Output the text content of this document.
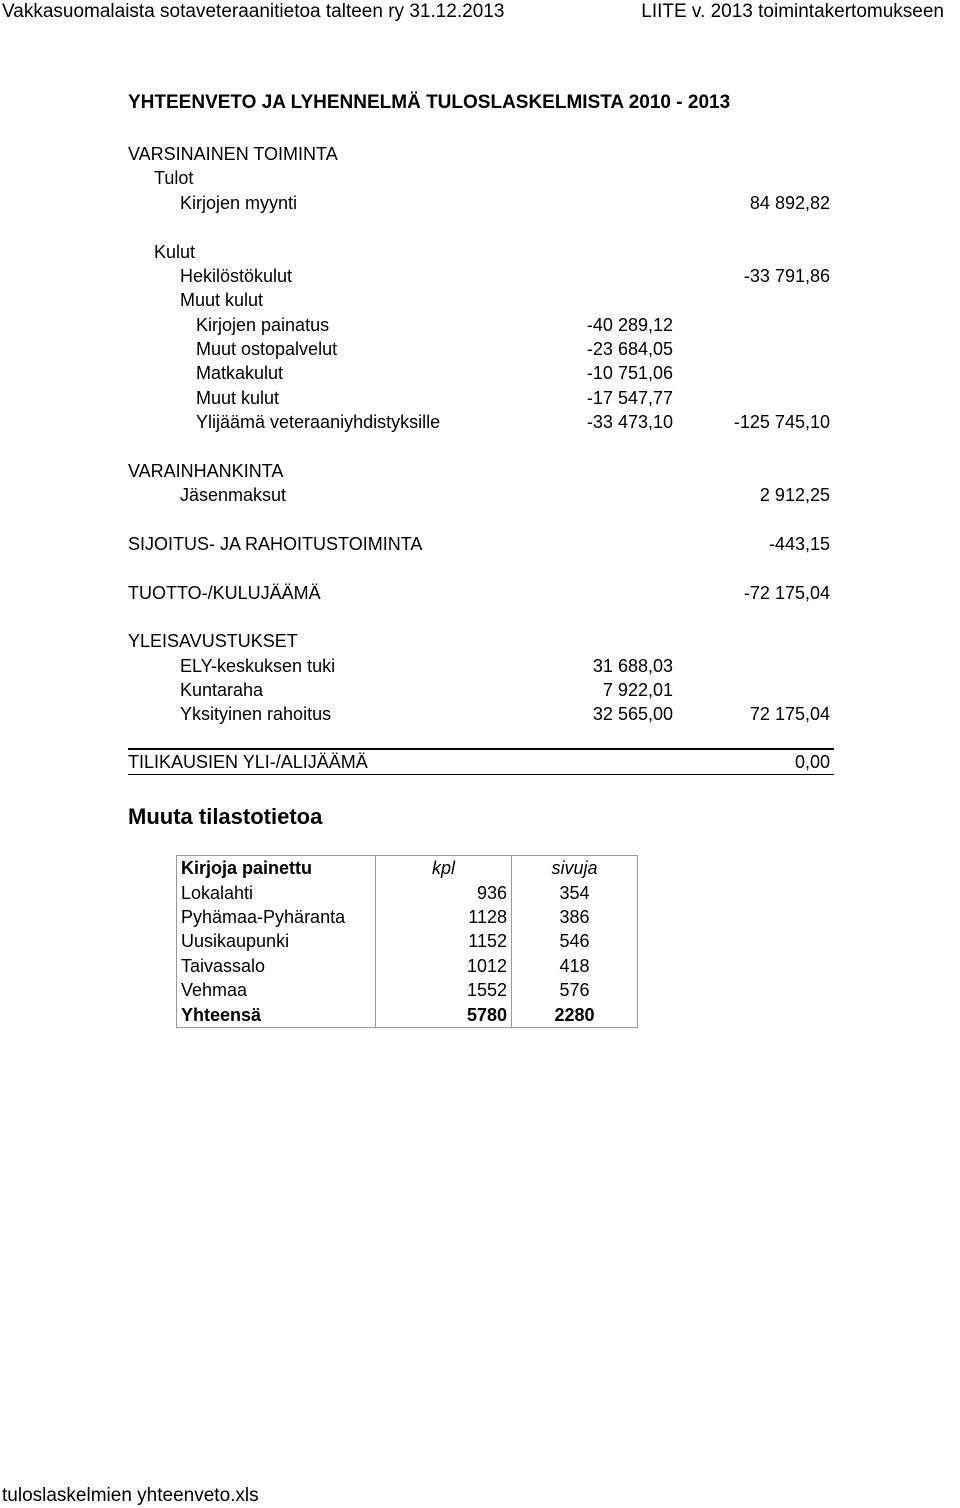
Vakkasuomalaista sotaveteraanitietoa talteen ry 31.12.2013	LIITE v. 2013 toimintakertomukseen
YHTEENVETO JA LYHENNELMÄ TULOSLASKELMISTA 2010 - 2013
VARSINAINEN TOIMINTA
Tulot
Kirjojen myynti	84 892,82
Kulut
Hekilöstökulut	-33 791,86
Muut kulut
Kirjojen painatus	-40 289,12
Muut ostopalvelut	-23 684,05
Matkakulut	-10 751,06
Muut kulut	-17 547,77
Ylijäämä veteraaniyhdistyksille	-33 473,10	-125 745,10
VARAINHANKINTA
Jäsenmaksut	2 912,25
SIJOITUS- JA RAHOITUSTOIMINTA	-443,15
TUOTTO-/KULUJÄÄMÄ	-72 175,04
YLEISAVUSTUKSET
ELY-keskuksen tuki	31 688,03
Kuntaraha	7 922,01
Yksityinen rahoitus	32 565,00	72 175,04
TILIKAUSIEN YLI-/ALIJÄÄMÄ	0,00
Muuta tilastotietoa
Kirjoja painettu	kpl	sivuja
Lokalahti	936	354
Pyhämaa-Pyhäranta	1128	386
Uusikaupunki	1152	546
Taivassalo	1012	418
Vehmaa	1552	576
Yhteensä	5780	2280
tuloslaskelmien yhteenveto.xls
